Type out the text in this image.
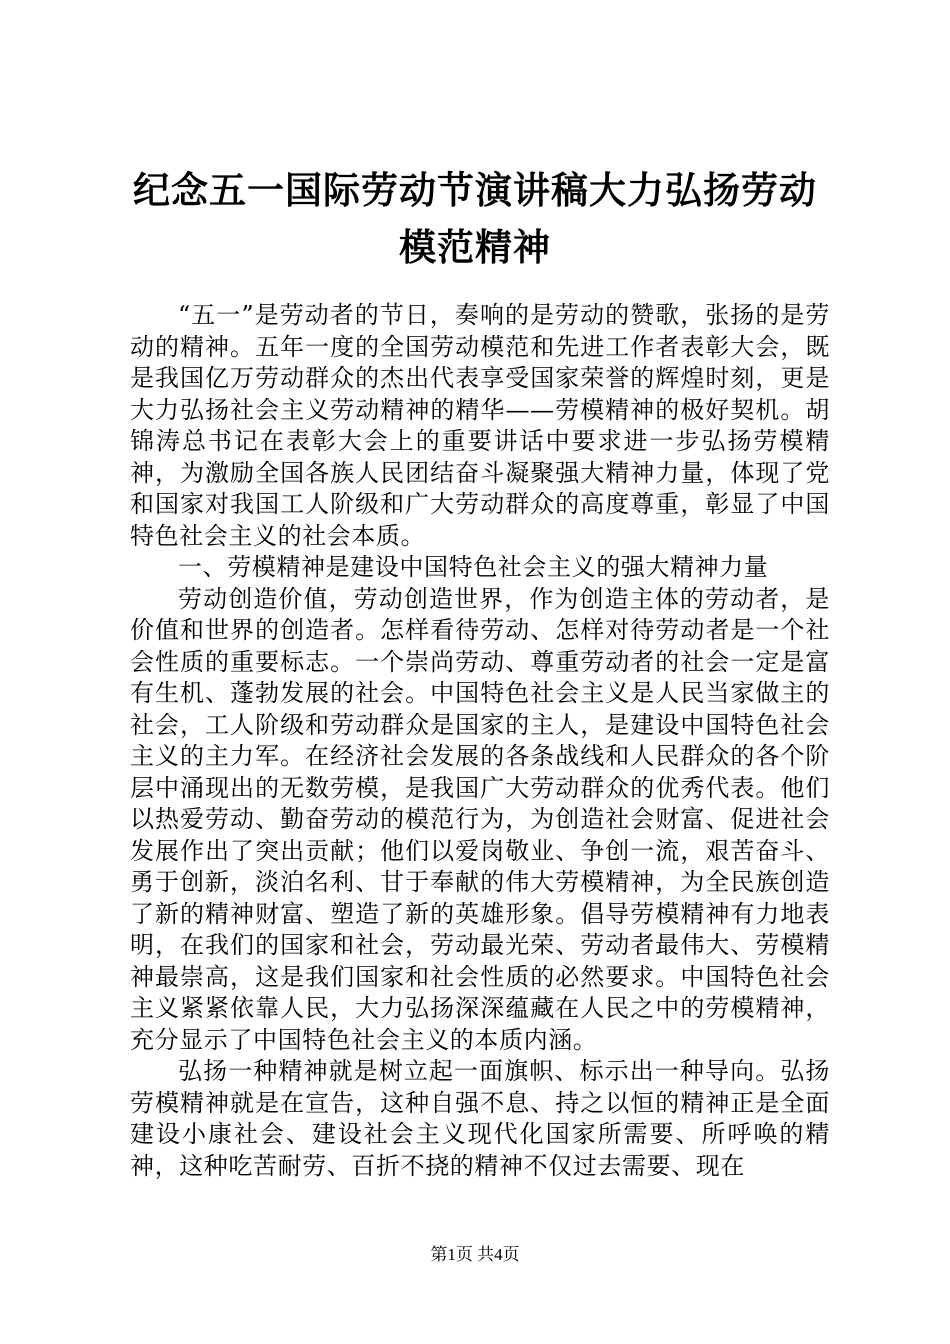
纪念五一国际劳动节演讲稿大力弘扬劳动模范精神

“五一”是劳动者的节日，奏响的是劳动的赞歌，张扬的是劳动的精神。五年一度的全国劳动模范和先进工作者表彰大会，既是我国亿万劳动群众的杰出代表享受国家荣誉的辉煌时刻，更是大力弘扬社会主义劳动精神的精华——劳模精神的极好契机。胡锦涛总书记在表彰大会上的重要讲话中要求进一步弘扬劳模精神，为激励全国各族人民团结奋斗凝聚强大精神力量，体现了党和国家对我国工人阶级和广大劳动群众的高度尊重，彰显了中国特色社会主义的社会本质。

一、劳模精神是建设中国特色社会主义的强大精神力量

劳动创造价值，劳动创造世界，作为创造主体的劳动者，是价值和世界的创造者。怎样看待劳动、怎样对待劳动者是一个社会性质的重要标志。一个崇尚劳动、尊重劳动者的社会一定是富有生机、蓬勃发展的社会。中国特色社会主义是人民当家做主的社会，工人阶级和劳动群众是国家的主人，是建设中国特色社会主义的主力军。在经济社会发展的各条战线和人民群众的各个阶层中涌现出的无数劳模，是我国广大劳动群众的优秀代表。他们以热爱劳动、勤奋劳动的模范行为，为创造社会财富、促进社会发展作出了突出贡献；他们以爱岗敬业、争创一流，艰苦奋斗、勇于创新，淡泊名利、甘于奉献的伟大劳模精神，为全民族创造了新的精神财富、塑造了新的英雄形象。倡导劳模精神有力地表明，在我们的国家和社会，劳动最光荣、劳动者最伟大、劳模精神最崇高，这是我们国家和社会性质的必然要求。中国特色社会主义紧紧依靠人民，大力弘扬深深蕴藏在人民之中的劳模精神，充分显示了中国特色社会主义的本质内涵。

弘扬一种精神就是树立起一面旗帜、标示出一种导向。弘扬劳模精神就是在宣告，这种自强不息、持之以恒的精神正是全面建设小康社会、建设社会主义现代化国家所需要、所呼唤的精神，这种吃苦耐劳、百折不挠的精神不仅过去需要、现在

第1页 共4页
